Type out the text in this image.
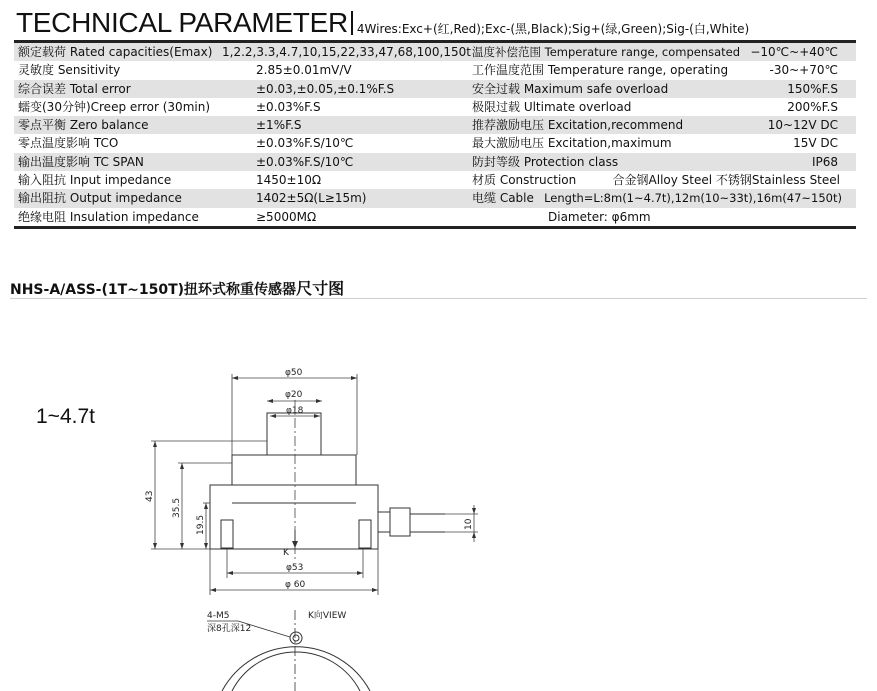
TECHNICAL PARAMETER 4Wires:Exc+(红,Red);Exc-(黑,Black);Sig+(绿,Green);Sig-(白,White)
额定载荷 Rated capacities(Emax) 1,2.2,3.3,4.7,10,15,22,33,47,68,100,150t 温度补偿范围 Temperature range, compensated −10℃~+40℃
灵敏度 Sensitivity	2.85±0.01mV/V	工作温度范围 Temperature range, operating	-30~+70℃
综合误差 Total error	±0.03,±0.05,±0.1%F.S	安全过载 Maximum safe overload	150%F.S
蠕变(30分钟)Creep error (30min)	±0.03%F.S	极限过载 Ultimate overload	200%F.S
零点平衡 Zero balance	±1%F.S	推荐激励电压 Excitation,recommend	10~12V DC
零点温度影响 TCO	±0.03%F.S/10℃	最大激励电压 Excitation,maximum	15V DC
输出温度影响 TC SPAN	±0.03%F.S/10℃	防封等级 Protection class	IP68
输入阻抗 Input impedance	1450±10Ω	材质 Construction	合金钢Alloy Steel 不锈钢Stainless Steel
输出阻抗 Output impedance	1402±5Ω(L≥15m)	电缆 Cable Length=L:8m(1~4.7t),12m(10~33t),16m(47~150t)
绝缘电阻 Insulation impedance	≥5000MΩ	Diameter: φ6mm
NHS-A/ASS-(1T~150T)扭环式称重传感器尺寸图
1~4.7t
φ50
φ20
φ18
φ53
φ 60
K
43
35.5
19.5	10
4-M5
深8孔深12
K向VIEW
